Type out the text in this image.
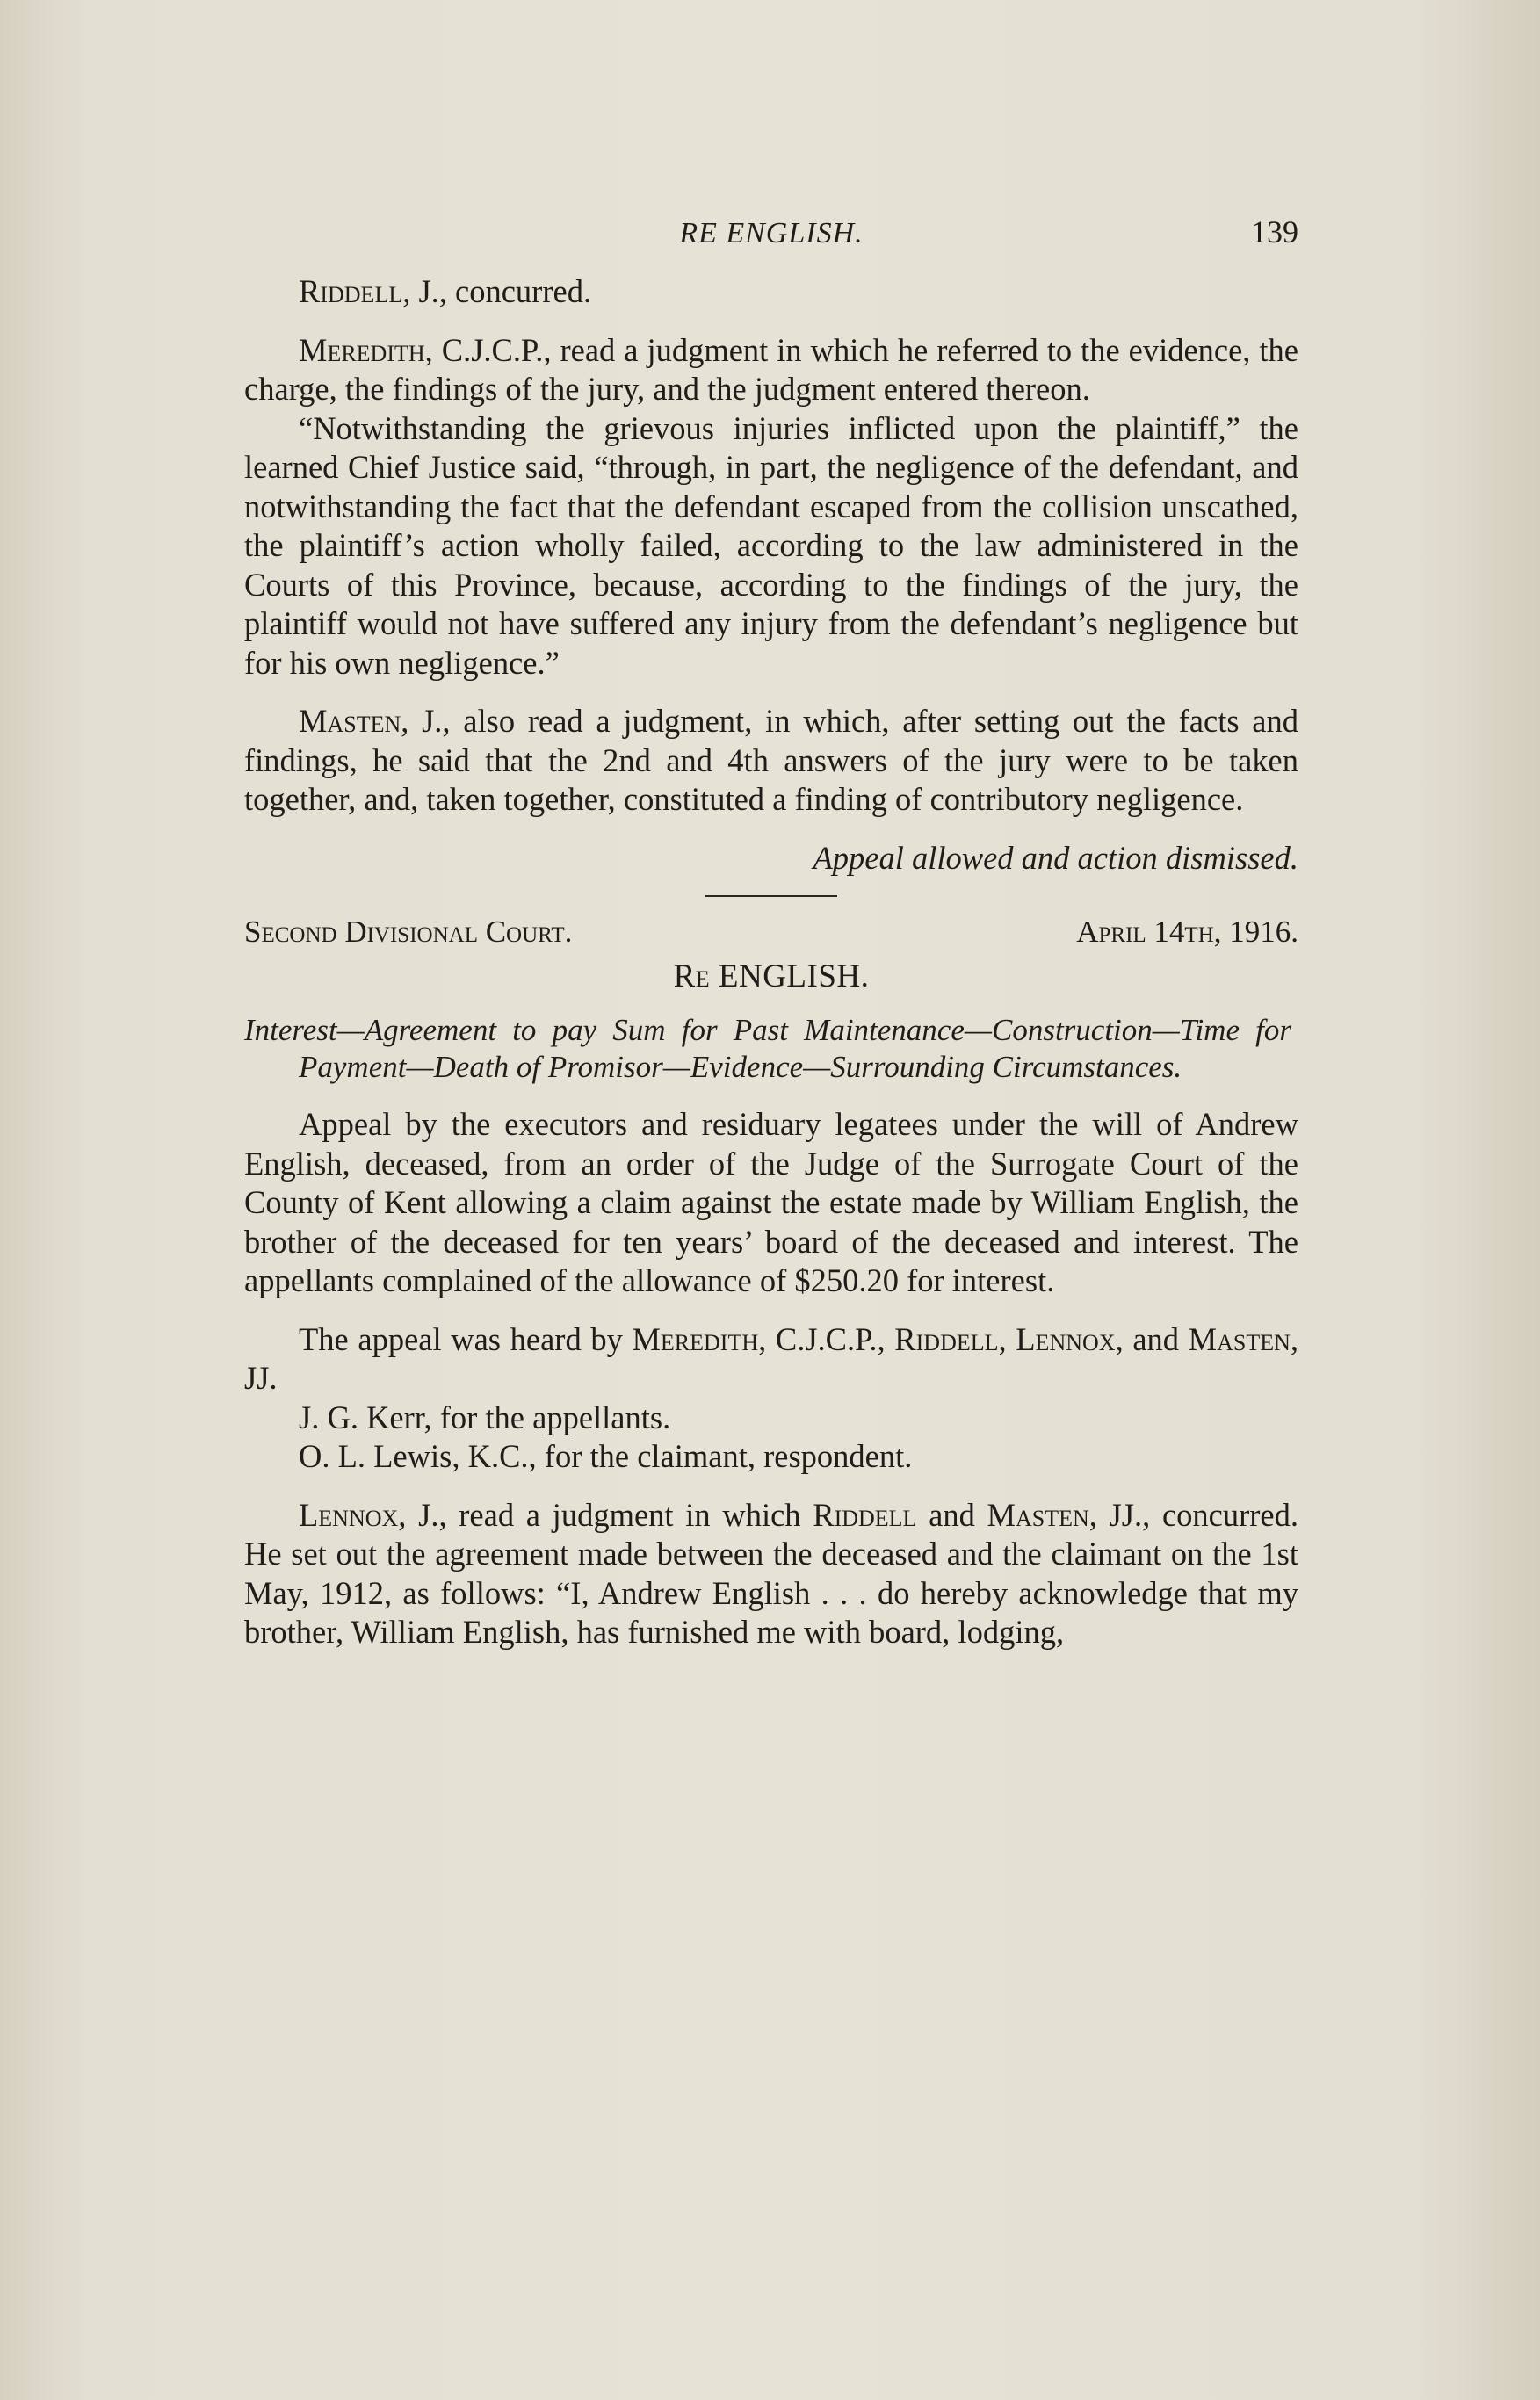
RE ENGLISH.	139

Riddell, J., concurred.

Meredith, C.J.C.P., read a judgment in which he referred to the evidence, the charge, the findings of the jury, and the judgment entered thereon.

“Notwithstanding the grievous injuries inflicted upon the plaintiff,” the learned Chief Justice said, “through, in part, the negligence of the defendant, and notwithstanding the fact that the defendant escaped from the collision unscathed, the plaintiff’s action wholly failed, according to the law administered in the Courts of this Province, because, according to the findings of the jury, the plaintiff would not have suffered any injury from the defendant’s negligence but for his own negligence.”

Masten, J., also read a judgment, in which, after setting out the facts and findings, he said that the 2nd and 4th answers of the jury were to be taken together, and, taken together, constituted a finding of contributory negligence.

Appeal allowed and action dismissed.

Second Divisional Court.	April 14th, 1916.
Re ENGLISH.

Interest—Agreement to pay Sum for Past Maintenance—Construction—Time for Payment—Death of Promisor—Evidence—Surrounding Circumstances.

Appeal by the executors and residuary legatees under the will of Andrew English, deceased, from an order of the Judge of the Surrogate Court of the County of Kent allowing a claim against the estate made by William English, the brother of the deceased for ten years’ board of the deceased and interest. The appellants complained of the allowance of $250.20 for interest.

The appeal was heard by Meredith, C.J.C.P., Riddell, Lennox, and Masten, JJ.

J. G. Kerr, for the appellants.

O. L. Lewis, K.C., for the claimant, respondent.

Lennox, J., read a judgment in which Riddell and Masten, JJ., concurred. He set out the agreement made between the deceased and the claimant on the 1st May, 1912, as follows: “I, Andrew English . . . do hereby acknowledge that my brother, William English, has furnished me with board, lodging,
